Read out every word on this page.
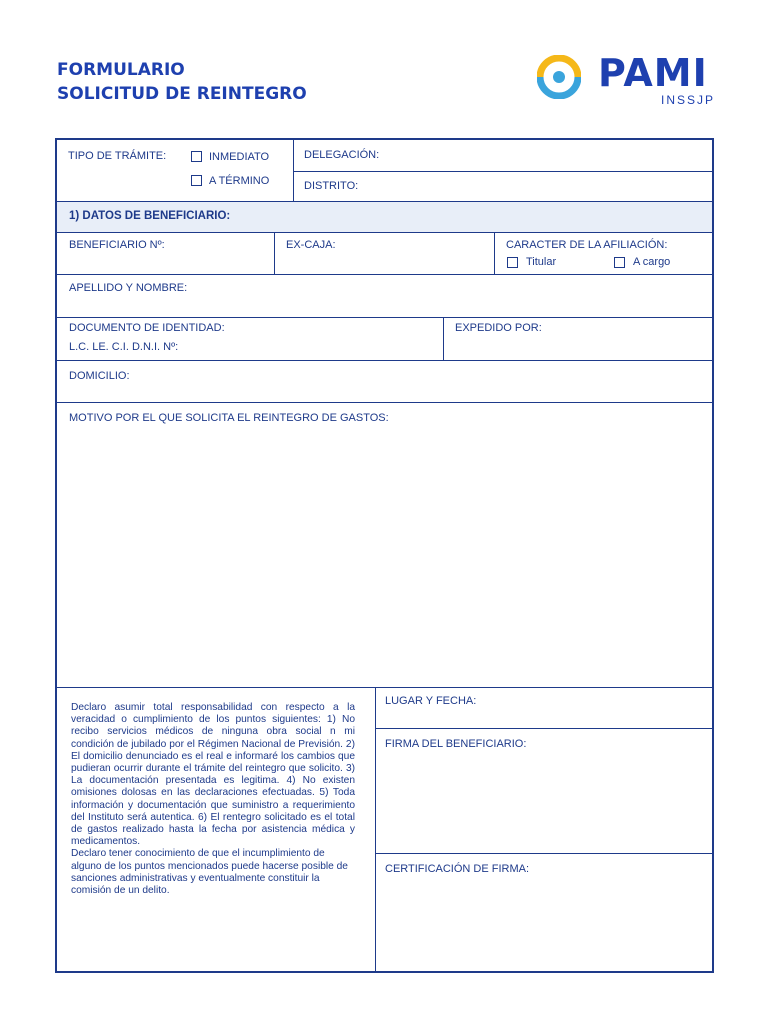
FORMULARIO
SOLICITUD DE REINTEGRO	PAMI
INSSJP
TIPO DE TRÁMITE:	INMEDIATO
A TÉRMINO
DELEGACIÓN:
DISTRITO:
1) DATOS DE BENEFICIARIO:
BENEFICIARIO Nº:	EX-CAJA:	CARACTER DE LA AFILIACIÓN:
Titular	A cargo
APELLIDO Y NOMBRE:
DOCUMENTO DE IDENTIDAD:
L.C. LE. C.I. D.N.I. Nº:
EXPEDIDO POR:
DOMICILIO:
MOTIVO POR EL QUE SOLICITA EL REINTEGRO DE GASTOS:

Declaro asumir total responsabilidad con respecto a la veracidad o cumplimiento de los puntos siguientes: 1) No recibo servicios médicos de ninguna obra social n mi condición de jubilado por el Régimen Nacional de Previsión. 2) El domicilio denunciado es el real e informaré los cambios que pudieran ocurrir durante el trámite del reintegro que solicito. 3) La documentación presentada es legitima. 4) No existen omisiones dolosas en las declaraciones efectuadas. 5) Toda información y documentación que suministro a requerimiento del Instituto será autentica. 6) El rentegro solicitado es el total de gastos realizado hasta la fecha por asistencia médica y medicamentos.

Declaro tener conocimiento de que el incumplimiento de alguno de los puntos mencionados puede hacerse posible de sanciones administrativas y eventualmente constituir la comisión de un delito.

LUGAR Y FECHA:
FIRMA DEL BENEFICIARIO:
CERTIFICACIÓN DE FIRMA:
